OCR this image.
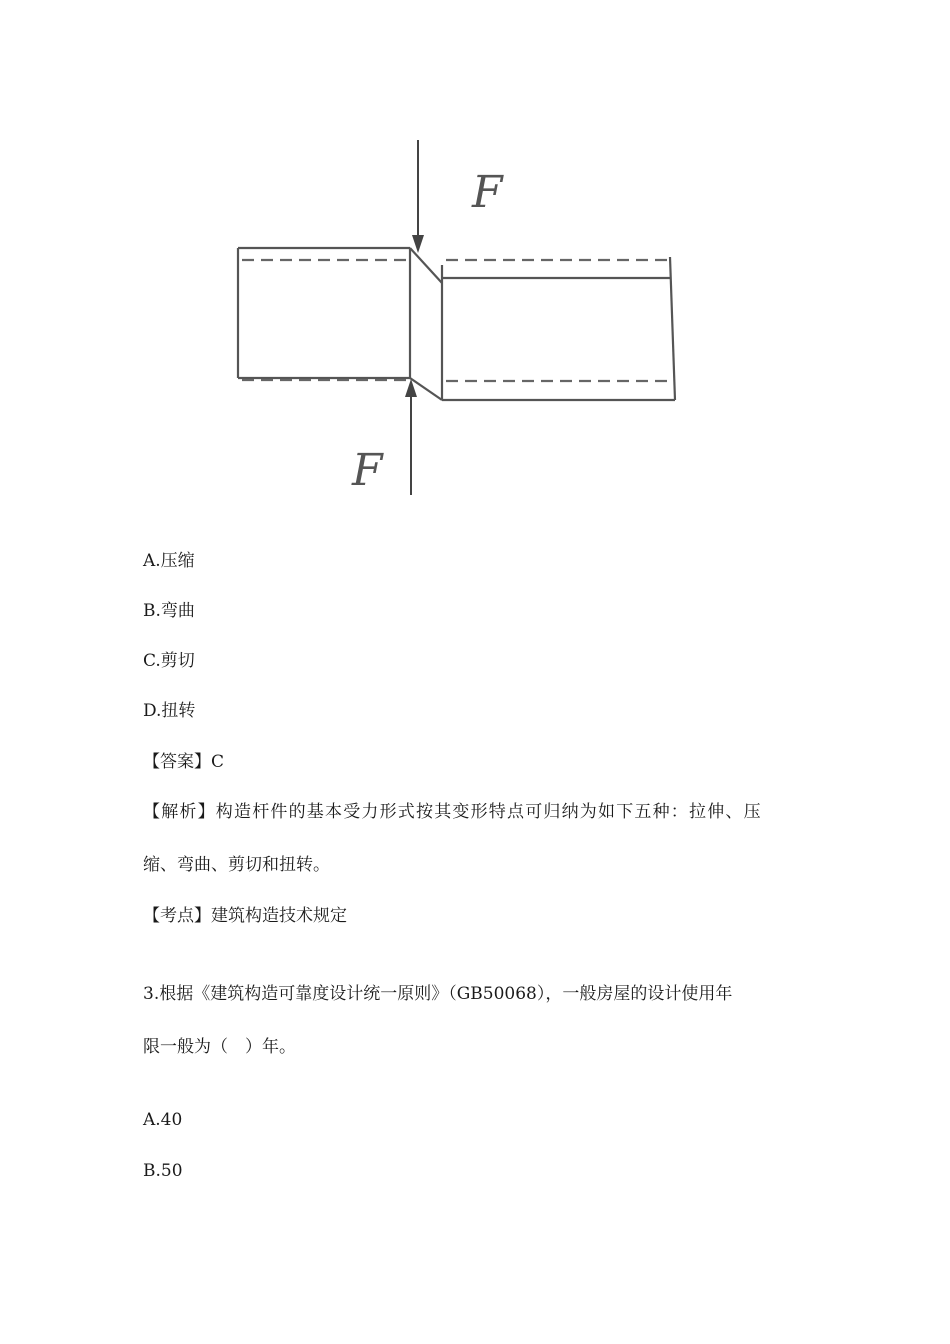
F
F
A.压缩
B.弯曲
C.剪切
D.扭转
【答案】C
【解析】构造杆件的基本受力形式按其变形特点可归纳为如下五种：拉伸、压
缩、弯曲、剪切和扭转。
【考点】建筑构造技术规定
3.根据《建筑构造可靠度设计统一原则》（GB50068），一般房屋的设计使用年
限一般为（　）年。
A.40
B.50
